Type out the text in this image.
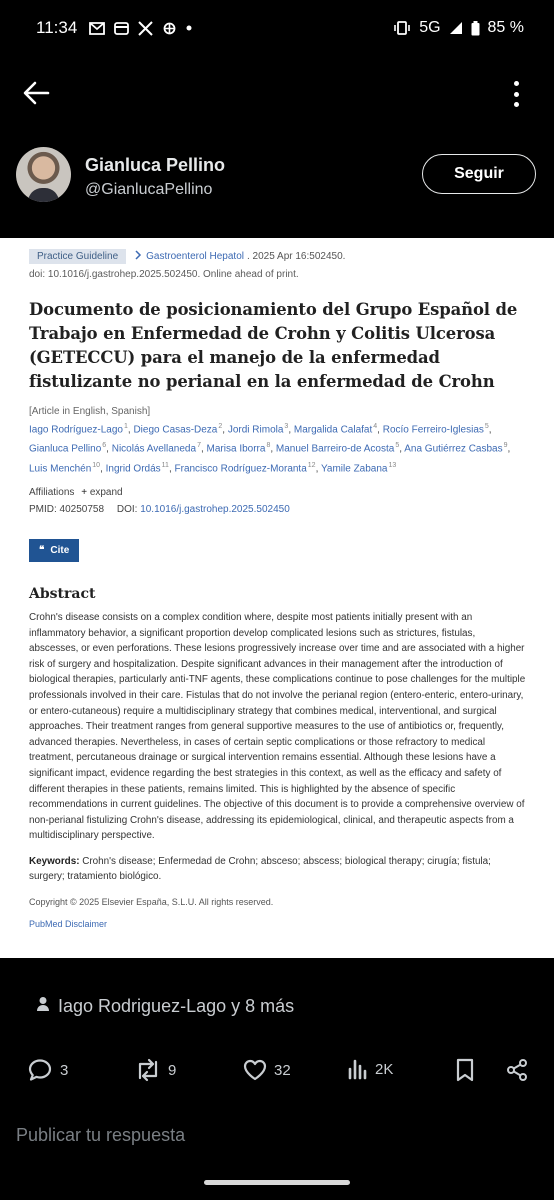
11:34	5G	85 %
Gianluca Pellino
@GianlucaPellino
Seguir
Practice Guideline	Gastroenterol Hepatol . 2025 Apr 16:502450.
doi: 10.1016/j.gastrohep.2025.502450. Online ahead of print.
Documento de posicionamiento del Grupo Español de Trabajo en Enfermedad de Crohn y Colitis Ulcerosa (GETECCU) para el manejo de la enfermedad fistulizante no perianal en la enfermedad de Crohn
[Article in English, Spanish]
Iago Rodríguez-Lago$^1$, Diego Casas-Deza$^2$, Jordi Rimola$^3$, Margalida Calafat$^4$, Rocío Ferreiro-Iglesias$^5$, Gianluca Pellino$^6$, Nicolás Avellaneda$^7$, Marisa Iborra$^8$, Manuel Barreiro-de Acosta$^5$, Ana Gutiérrez Casbas$^9$, Luis Menchén$^{10}$, Ingrid Ordás$^{11}$, Francisco Rodríguez-Moranta$^{12}$, Yamile Zabana$^{13}$
Affiliations + expand
PMID: 40250758 DOI: 10.1016/j.gastrohep.2025.502450
❝ Cite
Abstract
Crohn's disease consists on a complex condition where, despite most patients initially present with an inflammatory behavior, a significant proportion develop complicated lesions such as strictures, fistulas, abscesses, or even perforations. These lesions progressively increase over time and are associated with a higher risk of surgery and hospitalization. Despite significant advances in their management after the introduction of biological therapies, particularly anti-TNF agents, these complications continue to pose challenges for the multiple professionals involved in their care. Fistulas that do not involve the perianal region (entero-enteric, entero-urinary, or entero-cutaneous) require a multidisciplinary strategy that combines medical, interventional, and surgical approaches. Their treatment ranges from general supportive measures to the use of antibiotics or, frequently, advanced therapies. Nevertheless, in cases of certain septic complications or those refractory to medical treatment, percutaneous drainage or surgical intervention remains essential. Although these lesions have a significant impact, evidence regarding the best strategies in this context, as well as the efficacy and safety of different therapies in these patients, remains limited. This is highlighted by the absence of specific recommendations in current guidelines. The objective of this document is to provide a comprehensive overview of non-perianal fistulizing Crohn's disease, addressing its epidemiological, clinical, and therapeutic aspects from a multidisciplinary perspective.
Keywords: Crohn's disease; Enfermedad de Crohn; absceso; abscess; biological therapy; cirugía; fistula; surgery; tratamiento biológico.
Copyright © 2025 Elsevier España, S.L.U. All rights reserved.
PubMed Disclaimer
Iago Rodriguez-Lago y 8 más
3	9	32	2K
Publicar tu respuesta
